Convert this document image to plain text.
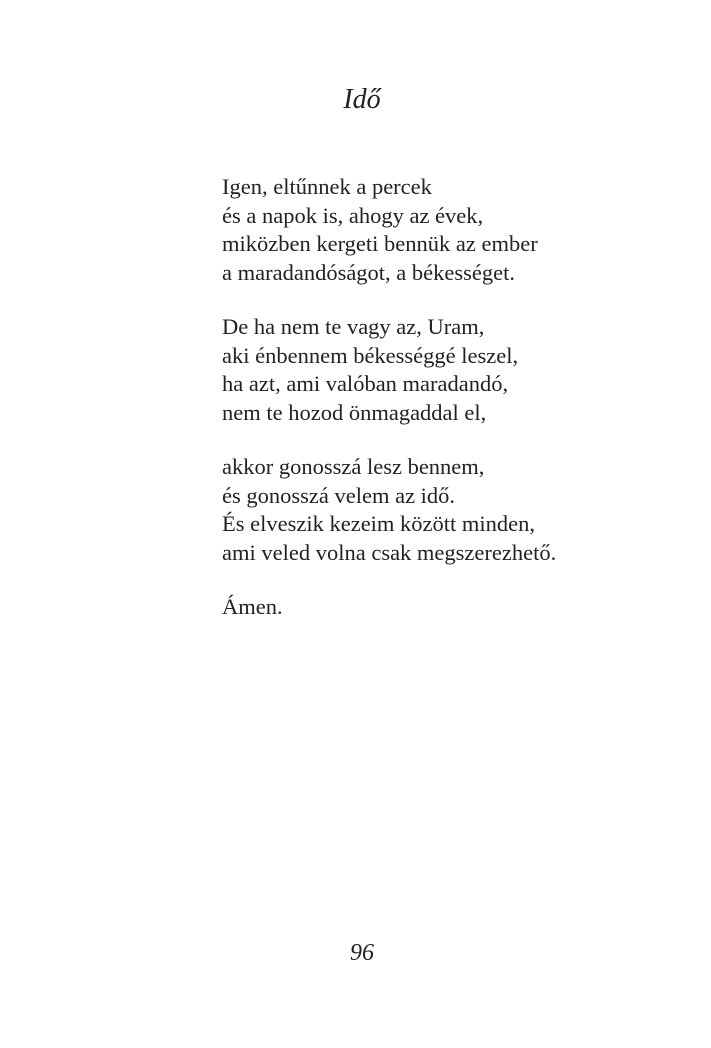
Idő
Igen, eltűnnek a percek
és a napok is, ahogy az évek,
miközben kergeti bennük az ember
a maradandóságot, a békességet.
De ha nem te vagy az, Uram,
aki énbennem békességgé leszel,
ha azt, ami valóban maradandó,
nem te hozod önmagaddal el,
akkor gonosszá lesz bennem,
és gonosszá velem az idő.
És elveszik kezeim között minden,
ami veled volna csak megszerezhető.
Ámen.
96
